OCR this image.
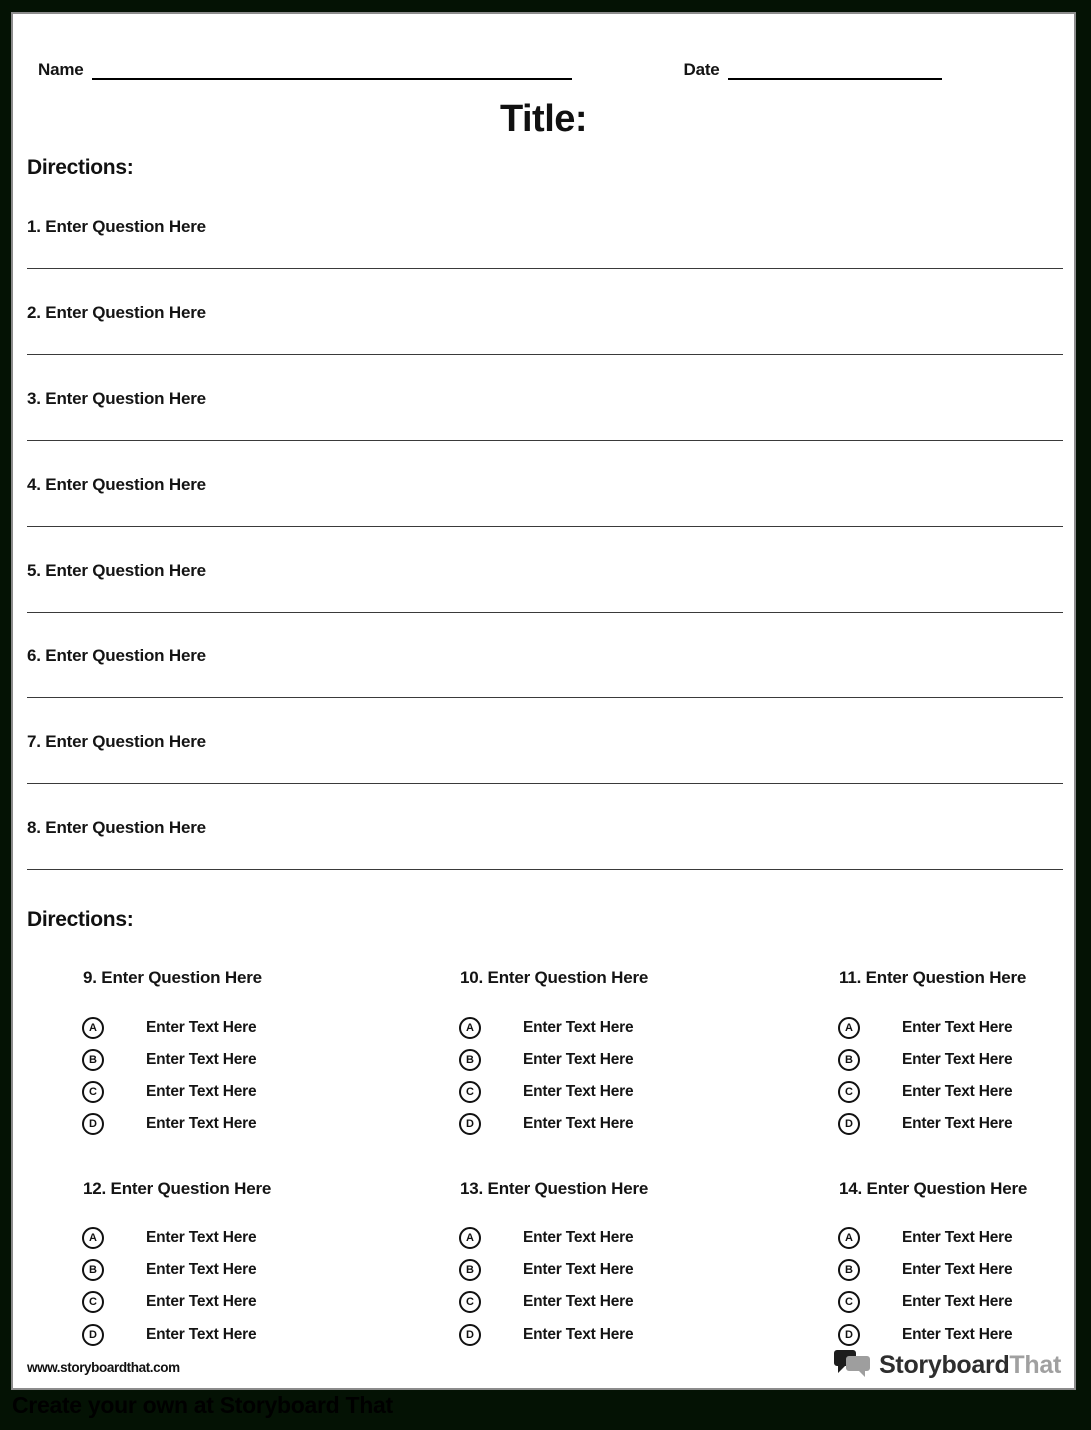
Name	Date
Title:
Directions:

1. Enter Question Here

2. Enter Question Here

3. Enter Question Here

4. Enter Question Here

5. Enter Question Here

6. Enter Question Here

7. Enter Question Here

8. Enter Question Here

Directions:

9. Enter Question Here

A	Enter Text Here
B	Enter Text Here
C	Enter Text Here
D	Enter Text Here

10. Enter Question Here

A	Enter Text Here
B	Enter Text Here
C	Enter Text Here
D	Enter Text Here

11. Enter Question Here

A	Enter Text Here
B	Enter Text Here
C	Enter Text Here
D	Enter Text Here

12. Enter Question Here

A	Enter Text Here
B	Enter Text Here
C	Enter Text Here
D	Enter Text Here

13. Enter Question Here

A	Enter Text Here
B	Enter Text Here
C	Enter Text Here
D	Enter Text Here

14. Enter Question Here

A	Enter Text Here
B	Enter Text Here
C	Enter Text Here
D	Enter Text Here
www.storyboardthat.com	StoryboardThat
Create your own at Storyboard That
